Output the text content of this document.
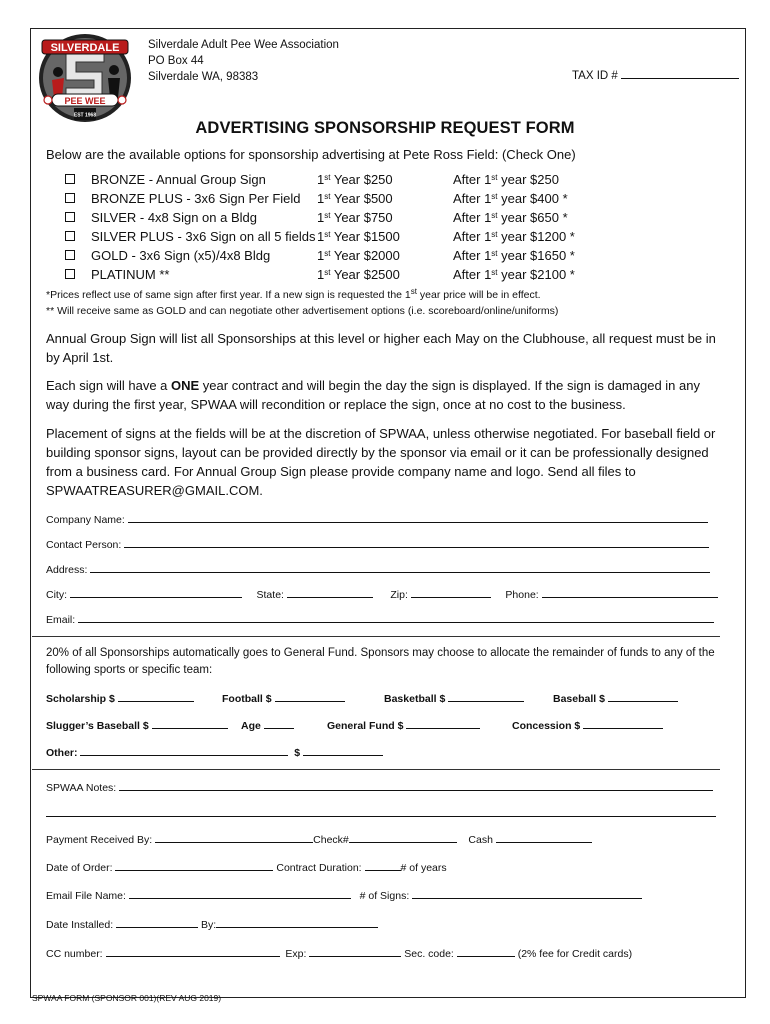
SILVERDALE
PEE WEE
EST 1968
Silverdale Adult Pee Wee Association
PO Box 44
Silverdale WA, 98383	TAX ID #
ADVERTISING SPONSORSHIP REQUEST FORM
Below are the available options for sponsorship advertising at Pete Ross Field: (Check One)
BRONZE - Annual Group Sign	1st Year $250	After 1st year $250
BRONZE PLUS - 3x6 Sign Per Field 1st Year $500	After 1st year $400 *
SILVER - 4x8 Sign on a Bldg	1st Year $750	After 1st year $650 *
SILVER PLUS - 3x6 Sign on all 5 fields 1st Year $1500	After 1st year $1200 *
GOLD - 3x6 Sign (x5)/4x8 Bldg	1st Year $2000	After 1st year $1650 *
PLATINUM **	1st Year $2500	After 1st year $2100 *
*Prices reflect use of same sign after first year. If a new sign is requested the 1st year price will be in effect.
** Will receive same as GOLD and can negotiate other advertisement options (i.e. scoreboard/online/uniforms)
Annual Group Sign will list all Sponsorships at this level or higher each May on the Clubhouse, all request must be in by April 1st.
Each sign will have a ONE year contract and will begin the day the sign is displayed. If the sign is damaged in any way during the first year, SPWAA will recondition or replace the sign, once at no cost to the business.
Placement of signs at the fields will be at the discretion of SPWAA, unless otherwise negotiated. For baseball field or building sponsor signs, layout can be provided directly by the sponsor via email or it can be professionally designed from a business card. For Annual Group Sign please provide company name and logo. Send all files to SPWAATREASURER@GMAIL.COM.
Company Name:
Contact Person:
Address:
City:	State:	Zip:	Phone:
Email:
20% of all Sponsorships automatically goes to General Fund. Sponsors may choose to allocate the remainder of funds to any of the following sports or specific team:
Scholarship $	Football $	Basketball $	Baseball $
Slugger’s Baseball $	Age	General Fund $	Concession $
Other:	$
SPWAA Notes:
Payment Received By:	Check#	Cash
Date of Order:	Contract Duration:	# of years
Email File Name:	# of Signs:
Date Installed:	By:
CC number:	Exp:	Sec. code:	(2% fee for Credit cards)
SPWAA FORM (SPONSOR 001)(REV AUG 2019)
